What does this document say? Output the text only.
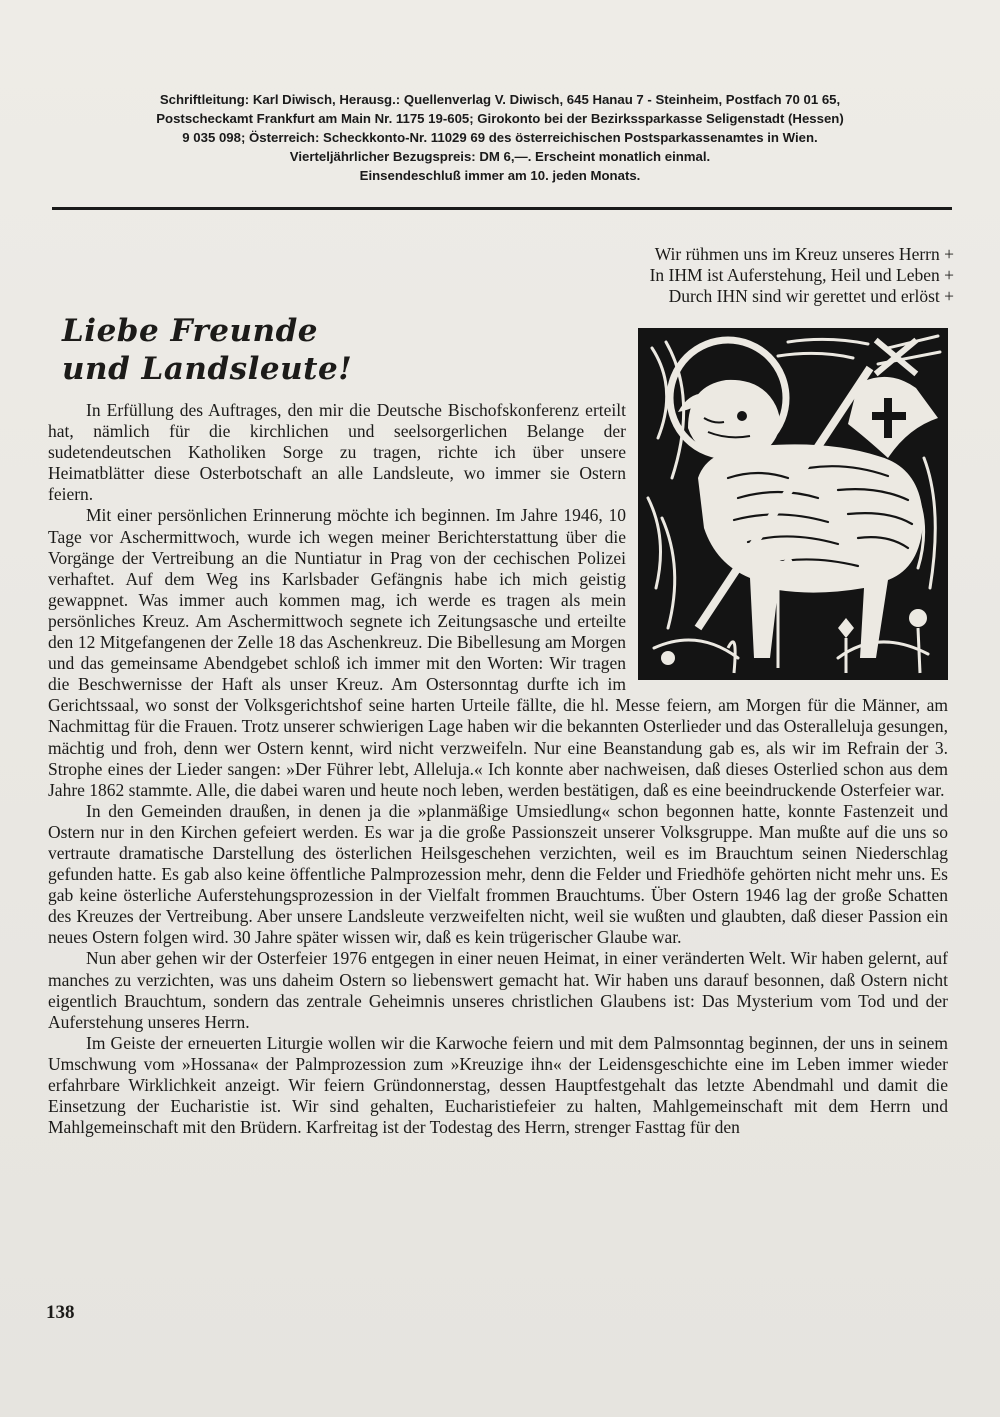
Schriftleitung: Karl Diwisch, Herausg.: Quellenverlag V. Diwisch, 645 Hanau 7 - Steinheim, Postfach 70 01 65,
Postscheckamt Frankfurt am Main Nr. 1175 19-605; Girokonto bei der Bezirkssparkasse Seligenstadt (Hessen)
9 035 098; Österreich: Scheckkonto-Nr. 11029 69 des österreichischen Postsparkassenamtes in Wien.
Vierteljährlicher Bezugspreis: DM 6,—. Erscheint monatlich einmal.
Einsendeschluß immer am 10. jeden Monats.
Wir rühmen uns im Kreuz unseres Herrn +
In IHM ist Auferstehung, Heil und Leben +
Durch IHN sind wir gerettet und erlöst +
Liebe Freunde
und Landsleute!

In Erfüllung des Auftrages, den mir die Deutsche Bischofskonferenz erteilt hat, nämlich für die kirchlichen und seelsorgerlichen Belange der sudetendeutschen Katholiken Sorge zu tragen, richte ich über unsere Heimatblätter diese Osterbotschaft an alle Landsleute, wo immer sie Ostern feiern.

Mit einer persönlichen Erinnerung möchte ich beginnen. Im Jahre 1946, 10 Tage vor Aschermittwoch, wurde ich wegen meiner Berichterstattung über die Vorgänge der Vertreibung an die Nuntiatur in Prag von der cechischen Polizei verhaftet. Auf dem Weg ins Karlsbader Gefängnis habe ich mich geistig gewappnet. Was immer auch kommen mag, ich werde es tragen als mein persönliches Kreuz. Am Aschermittwoch segnete ich Zeitungsasche und erteilte den 12 Mitgefangenen der Zelle 18 das Aschenkreuz. Die Bibellesung am Morgen und das gemeinsame Abendgebet schloß ich immer mit den Worten: Wir tragen die Beschwernisse der Haft als unser Kreuz. Am Ostersonntag durfte ich im Gerichtssaal, wo sonst der Volksgerichtshof seine harten Urteile fällte, die hl. Messe feiern, am Morgen für die Männer, am Nachmittag für die Frauen. Trotz unserer schwierigen Lage haben wir die bekannten Osterlieder und das Osteralleluja gesungen, mächtig und froh, denn wer Ostern kennt, wird nicht verzweifeln. Nur eine Beanstandung gab es, als wir im Refrain der 3. Strophe eines der Lieder sangen: »Der Führer lebt, Alleluja.« Ich konnte aber nachweisen, daß dieses Osterlied schon aus dem Jahre 1862 stammte. Alle, die dabei waren und heute noch leben, werden bestätigen, daß es eine beeindruckende Osterfeier war.

In den Gemeinden draußen, in denen ja die »planmäßige Umsiedlung« schon begonnen hatte, konnte Fastenzeit und Ostern nur in den Kirchen gefeiert werden. Es war ja die große Passionszeit unserer Volksgruppe. Man mußte auf die uns so vertraute dramatische Darstellung des österlichen Heilsgeschehen verzichten, weil es im Brauchtum seinen Niederschlag gefunden hatte. Es gab also keine öffentliche Palmprozession mehr, denn die Felder und Friedhöfe gehörten nicht mehr uns. Es gab keine österliche Auferstehungsprozession in der Vielfalt frommen Brauchtums. Über Ostern 1946 lag der große Schatten des Kreuzes der Vertreibung. Aber unsere Landsleute verzweifelten nicht, weil sie wußten und glaubten, daß dieser Passion ein neues Ostern folgen wird. 30 Jahre später wissen wir, daß es kein trügerischer Glaube war.

Nun aber gehen wir der Osterfeier 1976 entgegen in einer neuen Heimat, in einer veränderten Welt. Wir haben gelernt, auf manches zu verzichten, was uns daheim Ostern so liebenswert gemacht hat. Wir haben uns darauf besonnen, daß Ostern nicht eigentlich Brauchtum, sondern das zentrale Geheimnis unseres christlichen Glaubens ist: Das Mysterium vom Tod und der Auferstehung unseres Herrn.

Im Geiste der erneuerten Liturgie wollen wir die Karwoche feiern und mit dem Palmsonntag beginnen, der uns in seinem Umschwung vom »Hossana« der Palmprozession zum »Kreuzige ihn« der Leidensgeschichte eine im Leben immer wieder erfahrbare Wirklichkeit anzeigt. Wir feiern Gründonnerstag, dessen Hauptfestgehalt das letzte Abendmahl und damit die Einsetzung der Eucharistie ist. Wir sind gehalten, Eucharistiefeier zu halten, Mahlgemeinschaft mit dem Herrn und Mahlgemeinschaft mit den Brüdern. Karfreitag ist der Todestag des Herrn, strenger Fasttag für den

138
